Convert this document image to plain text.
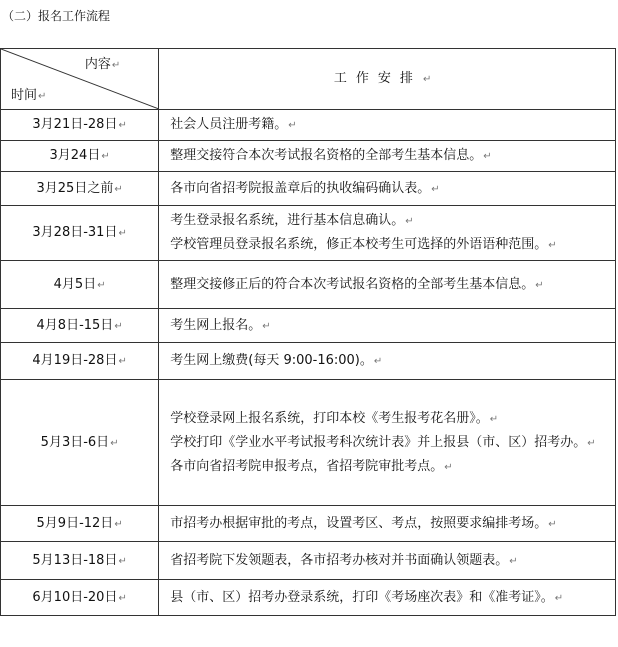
（二）报名工作流程
内容↵
时间↵	工作安排↵
3月21日-28日↵	社会人员注册考籍。↵

3月24日↵	整理交接符合本次考试报名资格的全部考生基本信息。↵

3月25日之前↵	各市向省招考院报盖章后的执收编码确认表。↵

3月28日-31日↵	考生登录报名系统，进行基本信息确认。↵
学校管理员登录报名系统，修正本校考生可选择的外语语种范围。↵

4月5日↵	整理交接修正后的符合本次考试报名资格的全部考生基本信息。↵

4月8日-15日↵	考生网上报名。↵

4月19日-28日↵	考生网上缴费(每天 9:00-16:00)。↵

5月3日-6日↵	学校登录网上报名系统，打印本校《考生报考花名册》。↵
学校打印《学业水平考试报考科次统计表》并上报县（市、区）招考办。↵
各市向省招考院申报考点，省招考院审批考点。↵

5月9日-12日↵	市招考办根据审批的考点，设置考区、考点，按照要求编排考场。↵

5月13日-18日↵	省招考院下发领题表，各市招考办核对并书面确认领题表。↵

6月10日-20日↵	县（市、区）招考办登录系统，打印《考场座次表》和《准考证》。↵
